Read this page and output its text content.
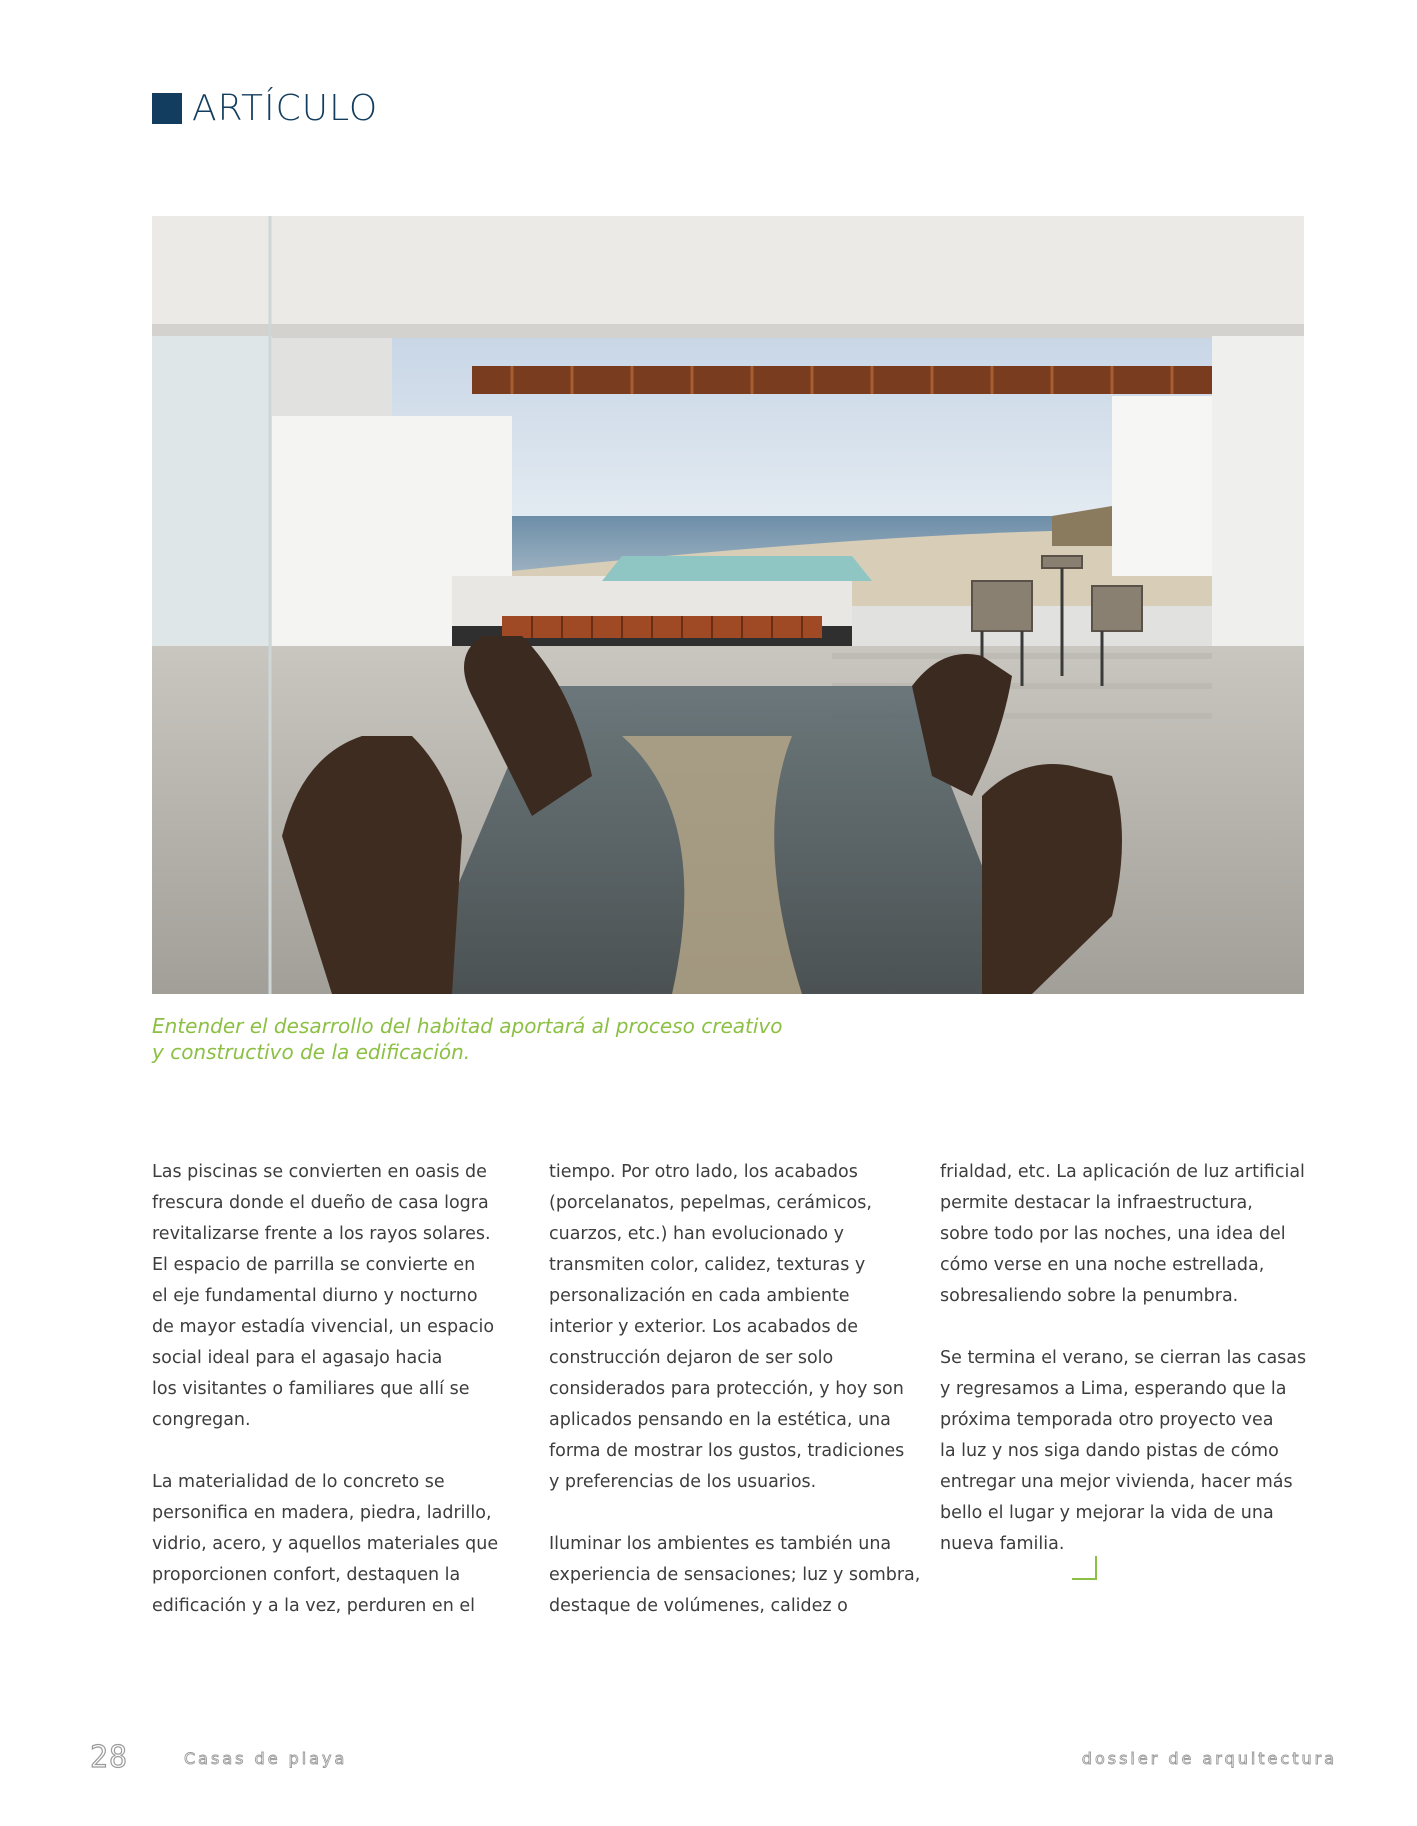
ARTÍCULO
Entender el desarrollo del habitad aportará al proceso creativo
y constructivo de la edificación.
Las piscinas se convierten en oasis de
frescura donde el dueño de casa logra
revitalizarse frente a los rayos solares.
El espacio de parrilla se convierte en
el eje fundamental diurno y nocturno
de mayor estadía vivencial, un espacio
social ideal para el agasajo hacia
los visitantes o familiares que allí se
congregan.
La materialidad de lo concreto se
personifica en madera, piedra, ladrillo,
vidrio, acero, y aquellos materiales que
proporcionen confort, destaquen la
edificación y a la vez, perduren en el
tiempo. Por otro lado, los acabados
(porcelanatos, pepelmas, cerámicos,
cuarzos, etc.) han evolucionado y
transmiten color, calidez, texturas y
personalización en cada ambiente
interior y exterior. Los acabados de
construcción dejaron de ser solo
considerados para protección, y hoy son
aplicados pensando en la estética, una
forma de mostrar los gustos, tradiciones
y preferencias de los usuarios.
Iluminar los ambientes es también una
experiencia de sensaciones; luz y sombra,
destaque de volúmenes, calidez o
frialdad, etc. La aplicación de luz artificial
permite destacar la infraestructura,
sobre todo por las noches, una idea del
cómo verse en una noche estrellada,
sobresaliendo sobre la penumbra.
Se termina el verano, se cierran las casas
y regresamos a Lima, esperando que la
próxima temporada otro proyecto vea
la luz y nos siga dando pistas de cómo
entregar una mejor vivienda, hacer más
bello el lugar y mejorar la vida de una
nueva familia.
28	Casas de playa	dossier de arquitectura
